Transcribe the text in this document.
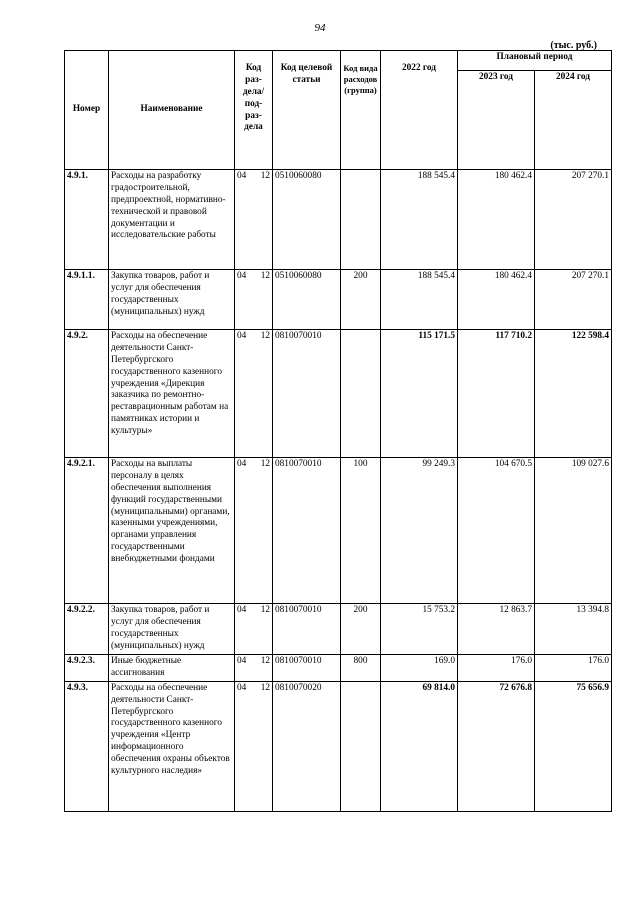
94
(тыс. руб.)
Номер	Наименование	Код раз-дела/ под-раз-дела	Код целевой статьи	Код вида расходов (группа)	2022 год	Плановый период	
						2023 год	2024 год
4.9.1.	Расходы на разработку градостроительной, предпроектной, нормативно-технической и правовой документации и исследовательские работы	04 12	0510060080		188 545.4	180 462.4	207 270.1
4.9.1.1.	Закупка товаров, работ и услуг для обеспечения государственных (муниципальных) нужд	04 12	0510060080	200	188 545.4	180 462.4	207 270.1
4.9.2.	Расходы на обеспечение деятельности Санкт-Петербургского государственного казенного учреждения «Дирекция заказчика по ремонтно-реставрационным работам на памятниках истории и культуры»	04 12	0810070010		115 171.5	117 710.2	122 598.4
4.9.2.1.	Расходы на выплаты персоналу в целях обеспечения выполнения функций государственными (муниципальными) органами, казенными учреждениями, органами управления государственными внебюджетными фондами	04 12	0810070010	100	99 249.3	104 670.5	109 027.6
4.9.2.2.	Закупка товаров, работ и услуг для обеспечения государственных (муниципальных) нужд	04 12	0810070010	200	15 753.2	12 863.7	13 394.8
4.9.2.3.	Иные бюджетные ассигнования	04 12	0810070010	800	169.0	176.0	176.0
4.9.3.	Расходы на обеспечение деятельности Санкт-Петербургского государственного казенного учреждения «Центр информационного обеспечения охраны объектов культурного наследия»	04 12	0810070020		69 814.0	72 676.8	75 656.9
